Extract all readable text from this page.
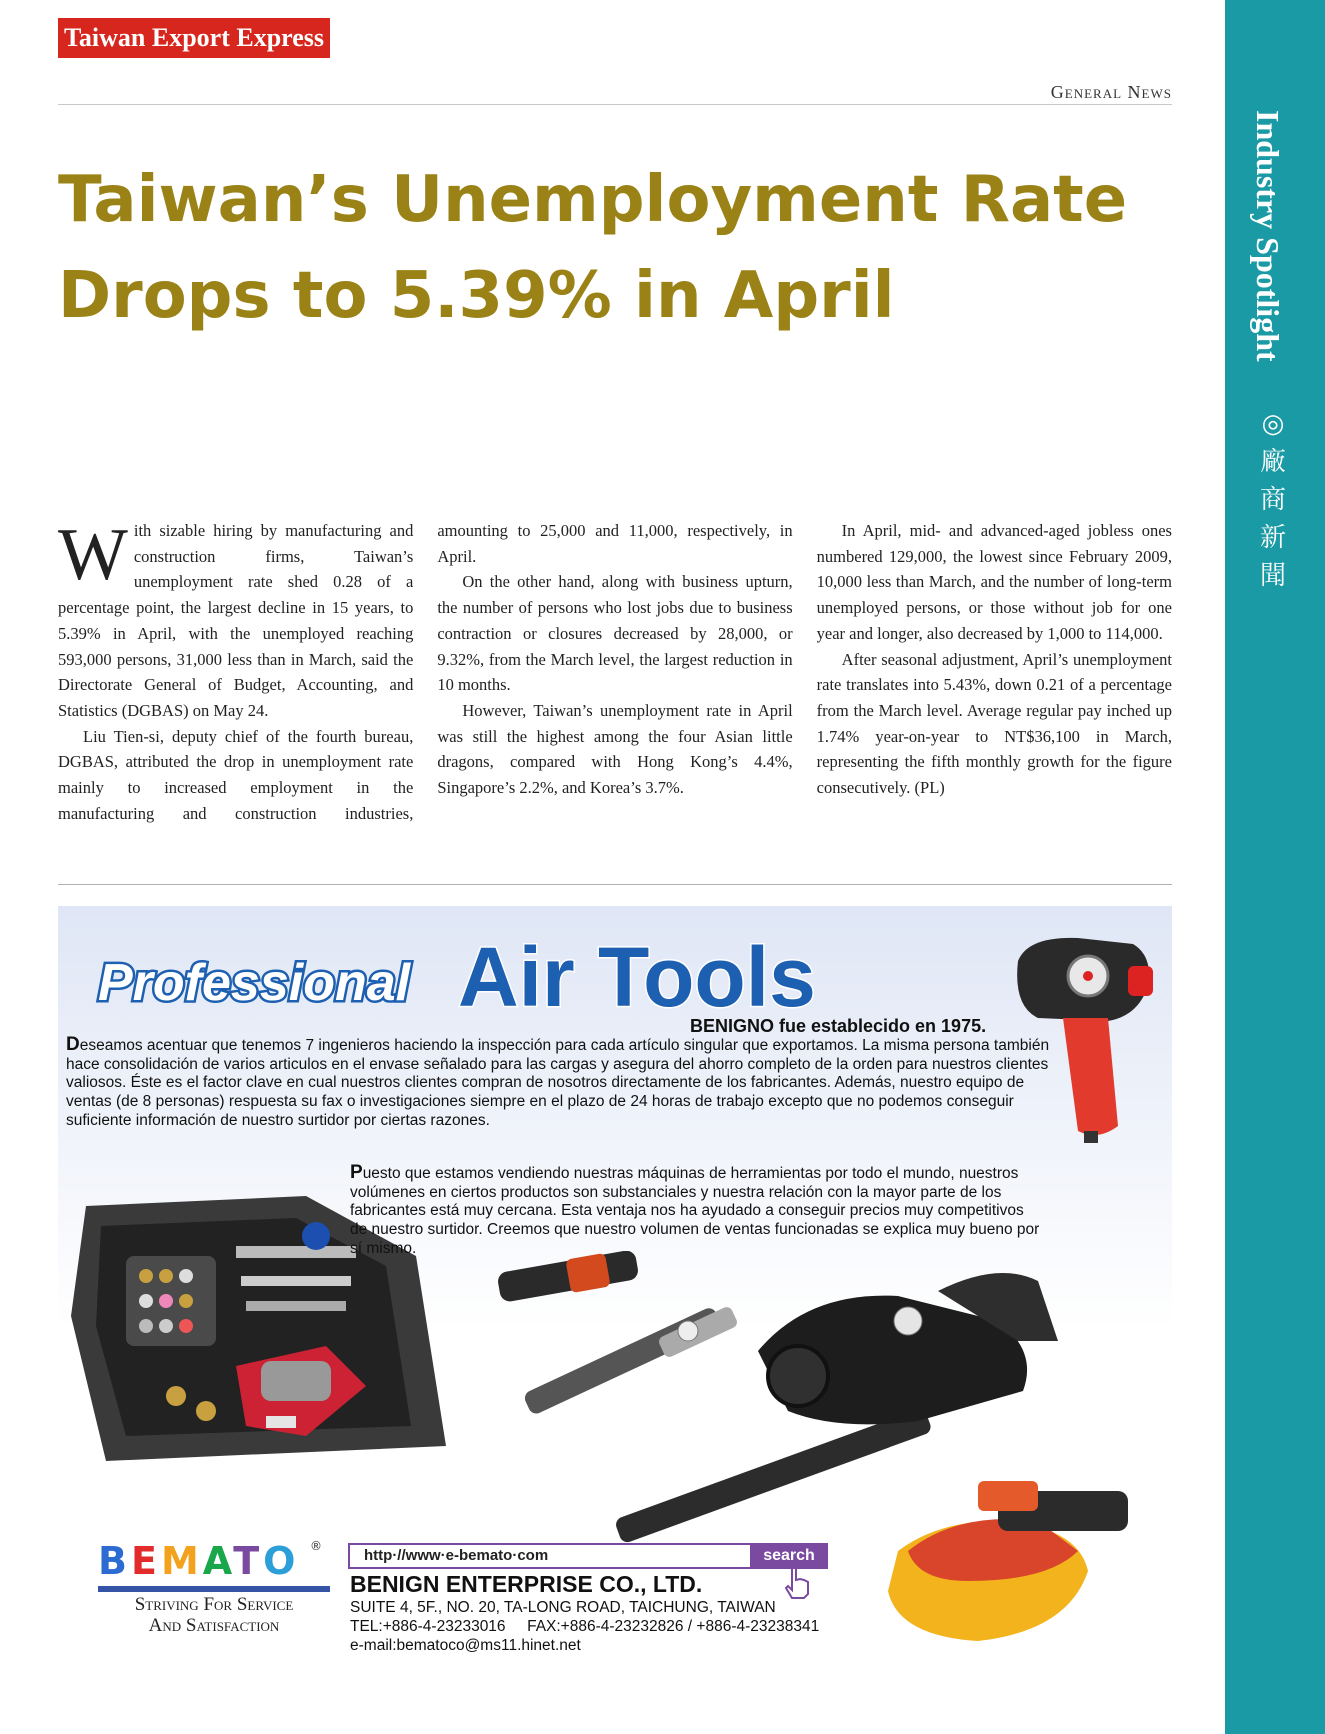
Taiwan Export Express
Industry Spotlight
◎
廠
商
新
聞
General News
Taiwan’s Unemployment Rate
Drops to 5.39% in April

With sizable hiring by manufacturing and construction firms, Taiwan’s unemployment rate shed 0.28 of a percentage point, the largest decline in 15 years, to 5.39% in April, with the unemployed reaching 593,000 persons, 31,000 less than in March, said the Directorate General of Budget, Accounting, and Statistics (DGBAS) on May 24.

Liu Tien-si, deputy chief of the fourth bureau, DGBAS, attributed the drop in unemployment rate mainly to increased employment in the manufacturing and construction industries, amounting to 25,000 and 11,000, respectively, in April.

On the other hand, along with business upturn, the number of persons who lost jobs due to business contraction or closures decreased by 28,000, or 9.32%, from the March level, the largest reduction in 10 months.

However, Taiwan’s unemployment rate in April was still the highest among the four Asian little dragons, compared with Hong Kong’s 4.4%, Singapore’s 2.2%, and Korea’s 3.7%.

In April, mid- and advanced-aged jobless ones numbered 129,000, the lowest since February 2009, 10,000 less than March, and the number of long-term unemployed persons, or those without job for one year and longer, also decreased by 1,000 to 114,000.

After seasonal adjustment, April’s unemployment rate translates into 5.43%, down 0.21 of a percentage from the March level. Average regular pay inched up 1.74% year-on-year to NT$36,100 in March, representing the fifth monthly growth for the figure consecutively. (PL)

Professional Air Tools
BENIGNO fue establecido en 1975.

Deseamos acentuar que tenemos 7 ingenieros haciendo la inspección para cada artículo singular que exportamos. La misma persona también hace consolidación de varios articulos en el envase señalado para las cargas y asegura del ahorro completo de la orden para nuestros clientes valiosos. Éste es el factor clave en cual nuestros clientes compran de nosotros directamente de los fabricantes. Además, nuestro equipo de ventas (de 8 personas) respuesta su fax o investigaciones siempre en el plazo de 24 horas de trabajo excepto que no podemos conseguir suficiente información de nuestro surtidor por ciertas razones.

Puesto que estamos vendiendo nuestras máquinas de herramientas por todo el mundo, nuestros volúmenes en ciertos productos son substanciales y nuestra relación con la mayor parte de los fabricantes está muy cercana. Esta ventaja nos ha ayudado a conseguir precios muy competitivos de nuestro surtidor. Creemos que nuestro volumen de ventas funcionadas se explica muy bueno por sí mismo.

BEMATO ®
Striving For Service
And Satisfaction
http·//www·e-bemato·com	search
BENIGN ENTERPRISE CO., LTD.
SUITE 4, 5F., NO. 20, TA-LONG ROAD, TAICHUNG, TAIWAN
TEL:+886-4-23233016     FAX:+886-4-23232826 / +886-4-23238341
e-mail:bematoco@ms11.hinet.net
